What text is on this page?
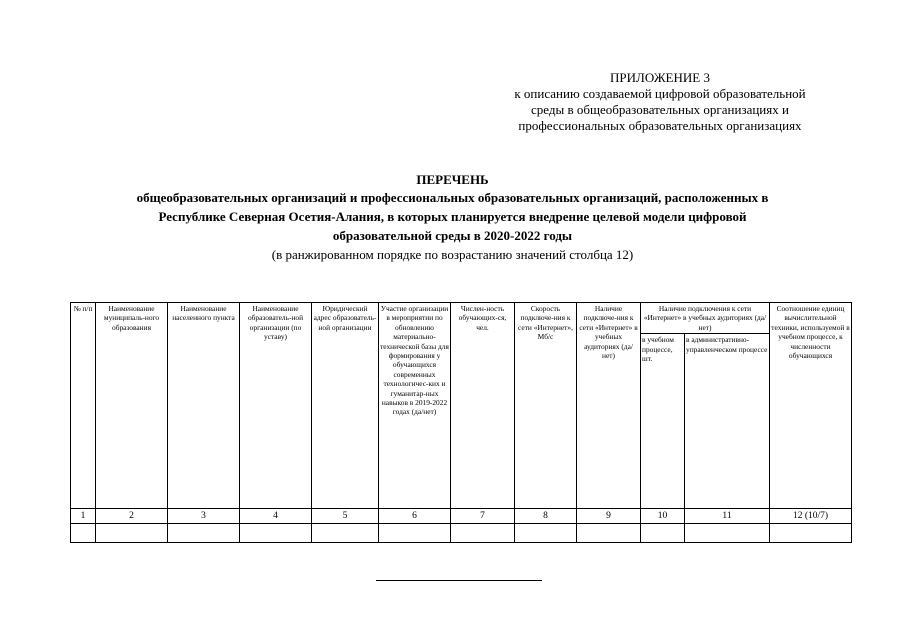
ПРИЛОЖЕНИЕ 3
к описанию создаваемой цифровой образовательной
среды в общеобразовательных организациях и
профессиональных образовательных организациях
ПЕРЕЧЕНЬ
общеобразовательных организаций и профессиональных образовательных организаций, расположенных в
Республике Северная Осетия-Алания, в которых планируется внедрение целевой модели цифровой
образовательной среды в 2020-2022 годы
(в ранжированном порядке по возрастанию значений столбца 12)
№ п/п	Наименование муниципаль-ного образования	Наименование населенного пункта	Наименование образователь-ной организации (по уставу)	Юридический адрес образователь-ной организации	Участие организации в мероприятии по обновлению материально-технической базы для формирования у обучающихся современных технологичес-ких и гуманитар-ных навыков в 2019-2022 годах (да/нет)	Числен-ность обучающих-ся, чел.	Скорость подключе-ния к сети «Интернет», Мб/с	Наличие подключе-ния к сети «Интернет» в учебных аудиториях (да/нет)	Наличие подключения к сети «Интернет» в учебных аудиториях (да/нет)		Соотношение единиц вычислительной техники, используемой в учебном процессе, к численности обучающихся
									в учебном процессе, шт.	в административно-управленческом процессе	
1	2	3	4	5	6	7	8	9	10	11	12 (10/7)
